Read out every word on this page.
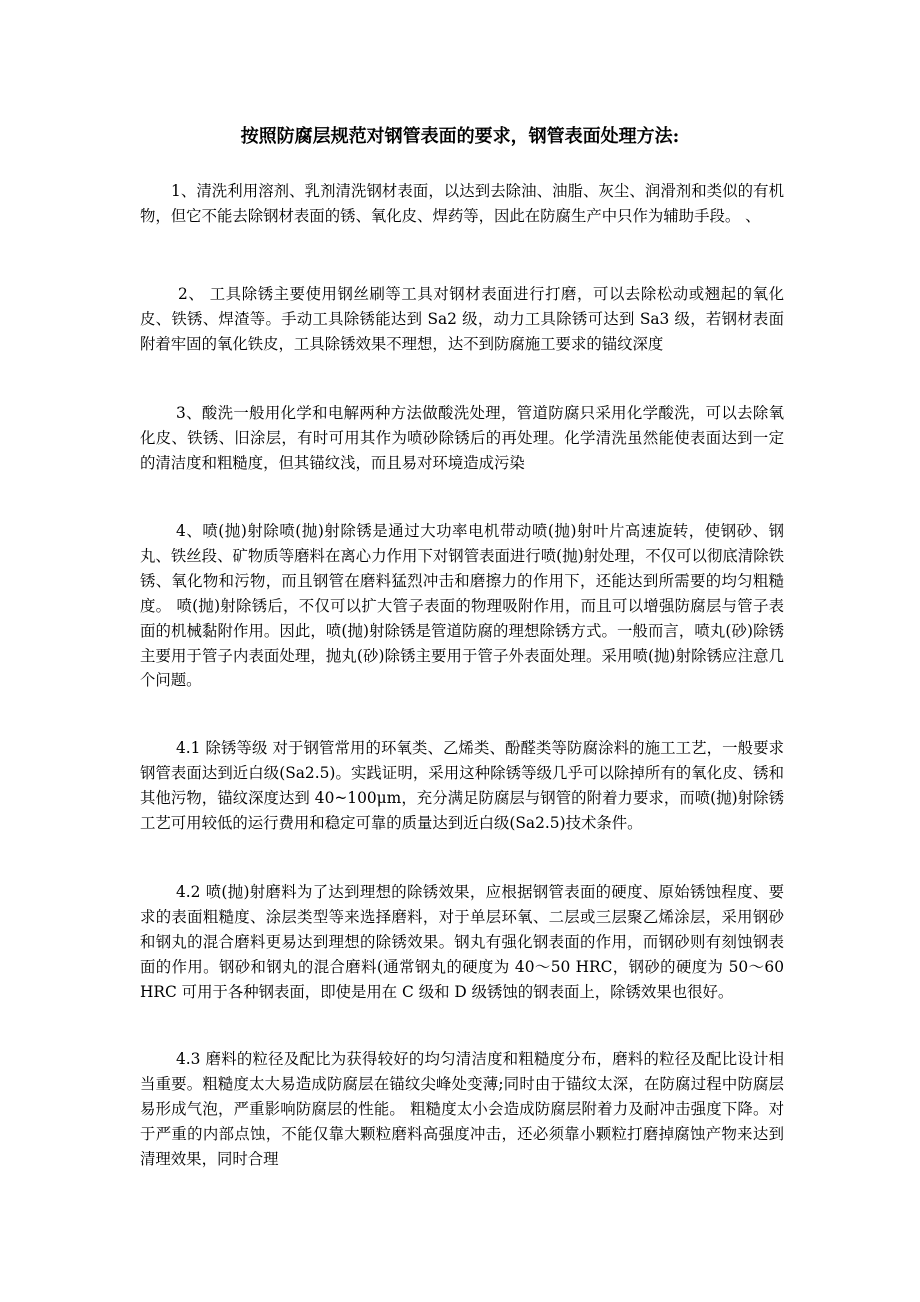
按照防腐层规范对钢管表面的要求，钢管表面处理方法:

1、清洗利用溶剂、乳剂清洗钢材表面，以达到去除油、油脂、灰尘、润滑剂和类似的有机物，但它不能去除钢材表面的锈、氧化皮、焊药等，因此在防腐生产中只作为辅助手段。 、

2、 工具除锈主要使用钢丝刷等工具对钢材表面进行打磨，可以去除松动或翘起的氧化皮、铁锈、焊渣等。手动工具除锈能达到 Sa2 级，动力工具除锈可达到 Sa3 级，若钢材表面附着牢固的氧化铁皮，工具除锈效果不理想，达不到防腐施工要求的锚纹深度

3、酸洗一般用化学和电解两种方法做酸洗处理，管道防腐只采用化学酸洗，可以去除氧化皮、铁锈、旧涂层，有时可用其作为喷砂除锈后的再处理。化学清洗虽然能使表面达到一定的清洁度和粗糙度，但其锚纹浅，而且易对环境造成污染

4、喷(抛)射除喷(抛)射除锈是通过大功率电机带动喷(抛)射叶片高速旋转，使钢砂、钢丸、铁丝段、矿物质等磨料在离心力作用下对钢管表面进行喷(抛)射处理，不仅可以彻底清除铁锈、氧化物和污物，而且钢管在磨料猛烈冲击和磨擦力的作用下，还能达到所需要的均匀粗糙度。 喷(抛)射除锈后，不仅可以扩大管子表面的物理吸附作用，而且可以增强防腐层与管子表面的机械黏附作用。因此，喷(抛)射除锈是管道防腐的理想除锈方式。一般而言，喷丸(砂)除锈主要用于管子内表面处理，抛丸(砂)除锈主要用于管子外表面处理。采用喷(抛)射除锈应注意几个问题。

4.1 除锈等级 对于钢管常用的环氧类、乙烯类、酚醛类等防腐涂料的施工工艺，一般要求钢管表面达到近白级(Sa2.5)。实践证明，采用这种除锈等级几乎可以除掉所有的氧化皮、锈和其他污物，锚纹深度达到 40~100μm，充分满足防腐层与钢管的附着力要求，而喷(抛)射除锈工艺可用较低的运行费用和稳定可靠的质量达到近白级(Sa2.5)技术条件。

4.2 喷(抛)射磨料为了达到理想的除锈效果，应根据钢管表面的硬度、原始锈蚀程度、要求的表面粗糙度、涂层类型等来选择磨料，对于单层环氧、二层或三层聚乙烯涂层，采用钢砂和钢丸的混合磨料更易达到理想的除锈效果。钢丸有强化钢表面的作用，而钢砂则有刻蚀钢表面的作用。钢砂和钢丸的混合磨料(通常钢丸的硬度为 40～50 HRC，钢砂的硬度为 50～60 HRC 可用于各种钢表面，即使是用在 C 级和 D 级锈蚀的钢表面上，除锈效果也很好。

4.3 磨料的粒径及配比为获得较好的均匀清洁度和粗糙度分布，磨料的粒径及配比设计相当重要。粗糙度太大易造成防腐层在锚纹尖峰处变薄;同时由于锚纹太深，在防腐过程中防腐层易形成气泡，严重影响防腐层的性能。 粗糙度太小会造成防腐层附着力及耐冲击强度下降。对于严重的内部点蚀，不能仅靠大颗粒磨料高强度冲击，还必须靠小颗粒打磨掉腐蚀产物来达到清理效果，同时合理
